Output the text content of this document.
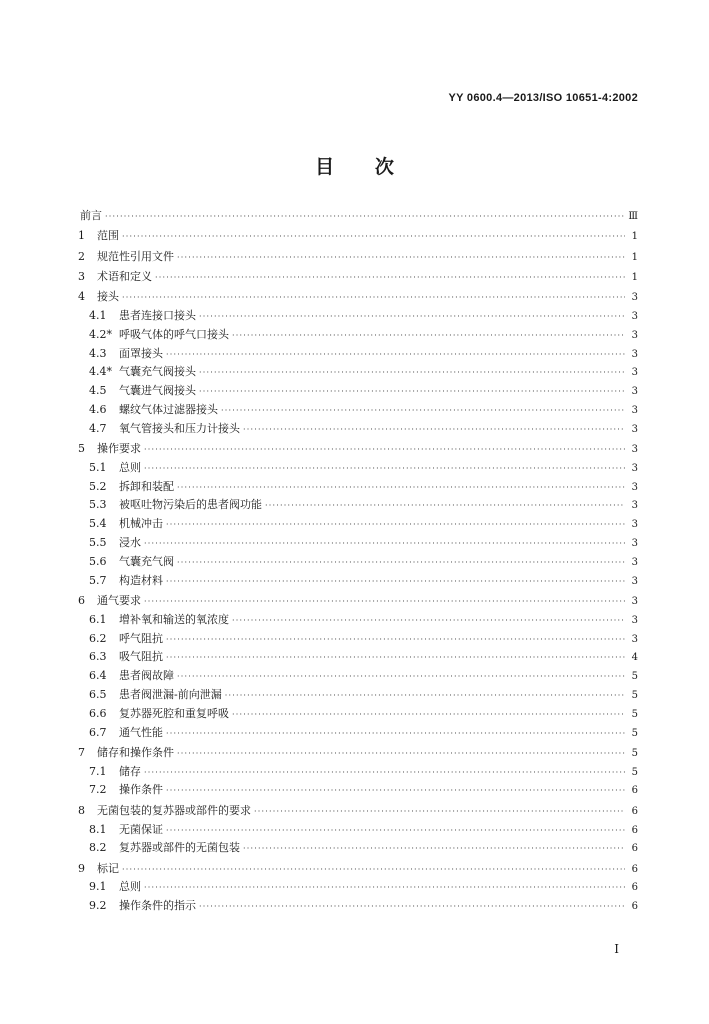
YY 0600.4—2013/ISO 10651-4:2002
目 次
前言 ·····	Ⅲ
1	范围 ·····	1
2	规范性引用文件 ·····	1
3	术语和定义 ·····	1
4	接头 ·····	3
4.1	患者连接口接头 ·····	3
4.2* 呼吸气体的呼气口接头 ·····	3
4.3	面罩接头 ·····	3
4.4* 气囊充气阀接头 ·····	3
4.5	气囊进气阀接头 ·····	3
4.6	螺纹气体过滤器接头 ·····	3
4.7	氧气管接头和压力计接头 ·····	3
5	操作要求 ·····	3
5.1	总则 ·····	3
5.2	拆卸和装配 ·····	3
5.3	被呕吐物污染后的患者阀功能 ·····	3
5.4	机械冲击 ·····	3
5.5	浸水 ·····	3
5.6	气囊充气阀 ·····	3
5.7	构造材料 ·····	3
6	通气要求 ·····	3
6.1	增补氧和输送的氧浓度 ·····	3
6.2	呼气阻抗 ·····	3
6.3	吸气阻抗 ·····	4
6.4	患者阀故障 ·····	5
6.5	患者阀泄漏-前向泄漏 ·····	5
6.6	复苏器死腔和重复呼吸 ·····	5
6.7	通气性能 ·····	5
7	储存和操作条件 ·····	5
7.1	储存 ·····	5
7.2	操作条件 ·····	6
8	无菌包装的复苏器或部件的要求 ·····	6
8.1	无菌保证 ·····	6
8.2	复苏器或部件的无菌包装 ·····	6
9	标记 ·····	6
9.1	总则 ·····	6
9.2	操作条件的指示 ·····	6
I
